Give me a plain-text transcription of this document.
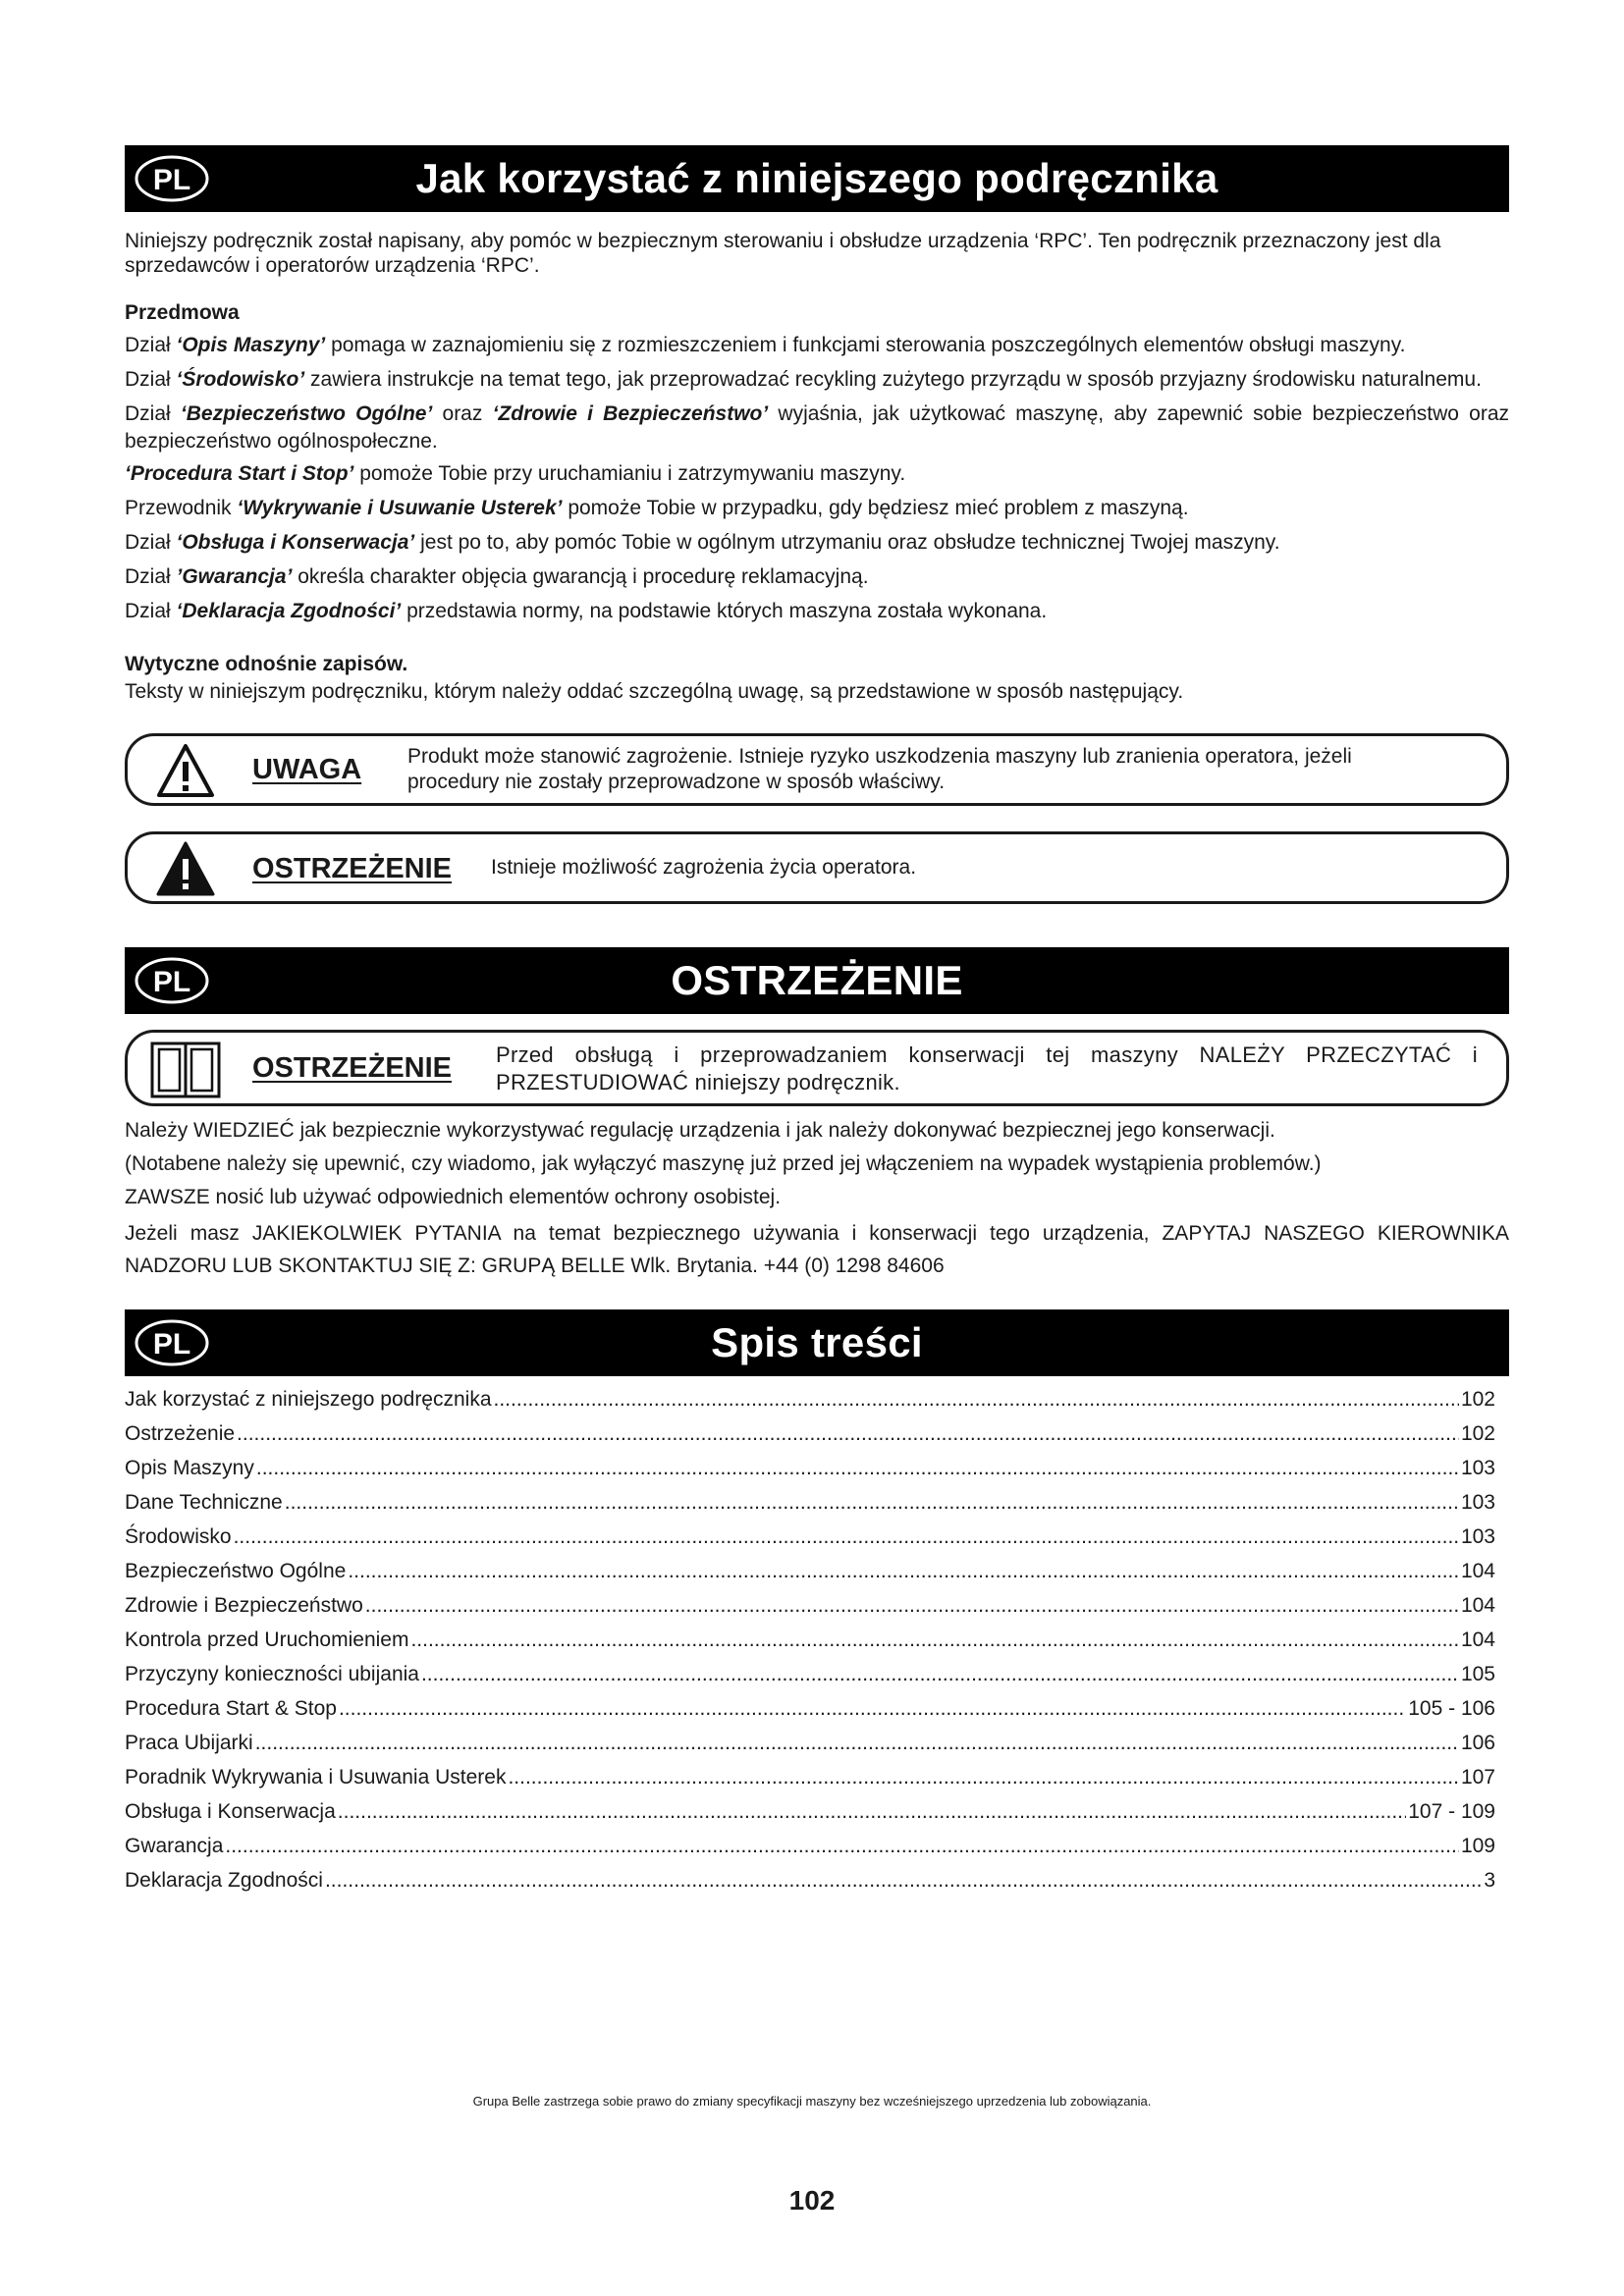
PL	Jak korzystać z niniejszego podręcznika

Niniejszy podręcznik został napisany, aby pomóc w bezpiecznym sterowaniu i obsłudze urządzenia ‘RPC’. Ten podręcznik przeznaczony jest dla sprzedawców i operatorów urządzenia ‘RPC’.

Przedmowa

Dział ‘Opis Maszyny’ pomaga w zaznajomieniu się z rozmieszczeniem i funkcjami sterowania poszczególnych elementów obsługi maszyny.

Dział ‘Środowisko’ zawiera instrukcje na temat tego, jak przeprowadzać recykling zużytego przyrządu w sposób przyjazny środowisku naturalnemu.

Dział ‘Bezpieczeństwo Ogólne’ oraz ‘Zdrowie i Bezpieczeństwo’ wyjaśnia, jak użytkować maszynę, aby zapewnić sobie bezpieczeństwo oraz bezpieczeństwo ogólnospołeczne.

‘Procedura Start i Stop’ pomoże Tobie przy uruchamianiu i zatrzymywaniu maszyny.

Przewodnik ‘Wykrywanie i Usuwanie Usterek’ pomoże Tobie w przypadku, gdy będziesz mieć problem z maszyną.

Dział ‘Obsługa i Konserwacja’ jest po to, aby pomóc Tobie w ogólnym utrzymaniu oraz obsłudze technicznej Twojej maszyny.

Dział ’Gwarancja’ określa charakter objęcia gwarancją i procedurę reklamacyjną.

Dział ‘Deklaracja Zgodności’ przedstawia normy, na podstawie których maszyna została wykonana.

Wytyczne odnośnie zapisów.

Teksty w niniejszym podręczniku, którym należy oddać szczególną uwagę, są przedstawione w sposób następujący.

UWAGA Produkt może stanowić zagrożenie. Istnieje ryzyko uszkodzenia maszyny lub zranienia operatora, jeżeli procedury nie zostały przeprowadzone w sposób właściwy.
OSTRZEŻENIE Istnieje możliwość zagrożenia życia operatora.
PL	OSTRZEŻENIE
OSTRZEŻENIE Przed obsługą i przeprowadzaniem konserwacji tej maszyny NALEŻY PRZECZYTAĆ i PRZESTUDIOWAĆ niniejszy podręcznik.

Należy WIEDZIEĆ jak bezpiecznie wykorzystywać regulację urządzenia i jak należy dokonywać bezpiecznej jego konserwacji.

(Notabene należy się upewnić, czy wiadomo, jak wyłączyć maszynę już przed jej włączeniem na wypadek wystąpienia problemów.)

ZAWSZE nosić lub używać odpowiednich elementów ochrony osobistej.

Jeżeli masz JAKIEKOLWIEK PYTANIA na temat bezpiecznego używania i konserwacji tego urządzenia, ZAPYTAJ NASZEGO KIEROWNIKA NADZORU LUB SKONTAKTUJ SIĘ Z: GRUPĄ BELLE Wlk. Brytania. +44 (0) 1298 84606

PL	Spis treści
Jak korzystać z niniejszego podręcznika .....	102
Ostrzeżenie .....	102
Opis Maszyny .....	103
Dane Techniczne .....	103
Środowisko .....	103
Bezpieczeństwo Ogólne .....	104
Zdrowie i Bezpieczeństwo .....	104
Kontrola przed Uruchomieniem .....	104
Przyczyny konieczności ubijania .....	105
Procedura Start & Stop .....	105 - 106
Praca Ubijarki .....	106
Poradnik Wykrywania i Usuwania Usterek .....	107
Obsługa i Konserwacja .....	107 - 109
Gwarancja .....	109
Deklaracja Zgodności .....	3
Grupa Belle zastrzega sobie prawo do zmiany specyfikacji maszyny bez wcześniejszego uprzedzenia lub zobowiązania.
102
